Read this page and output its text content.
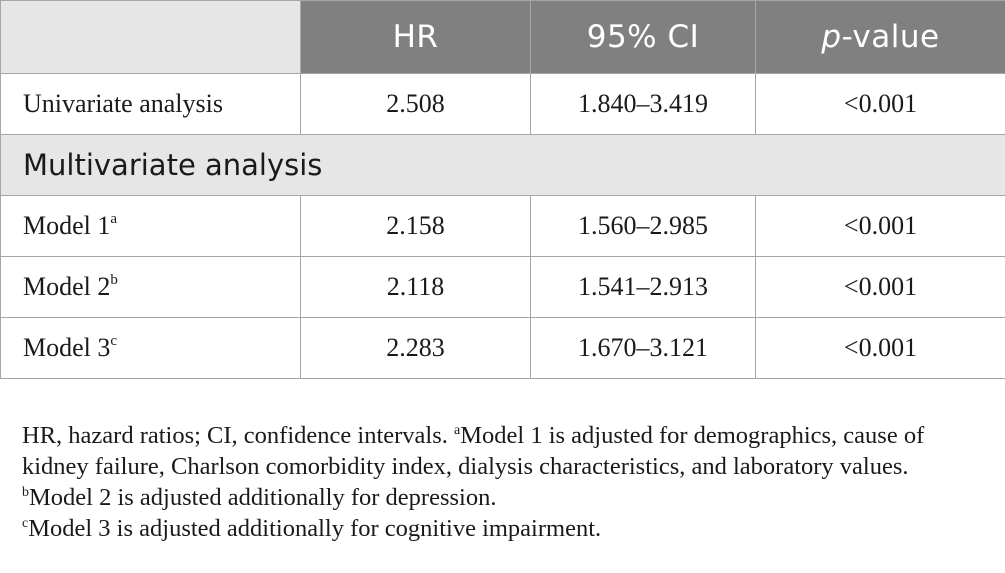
	HR	95% CI	p-value
Univariate analysis	2.508	1.840–3.419	<0.001
Multivariate analysis			
Model 1$^a$	2.158	1.560–2.985	<0.001
Model 2$^b$	2.118	1.541–2.913	<0.001
Model 3$^c$	2.283	1.670–3.121	<0.001

HR, hazard ratios; CI, confidence intervals. $^a$Model 1 is adjusted for demographics, cause of kidney failure, Charlson comorbidity index, dialysis characteristics, and laboratory values.

$^b$Model 2 is adjusted additionally for depression.

$^c$Model 3 is adjusted additionally for cognitive impairment.
